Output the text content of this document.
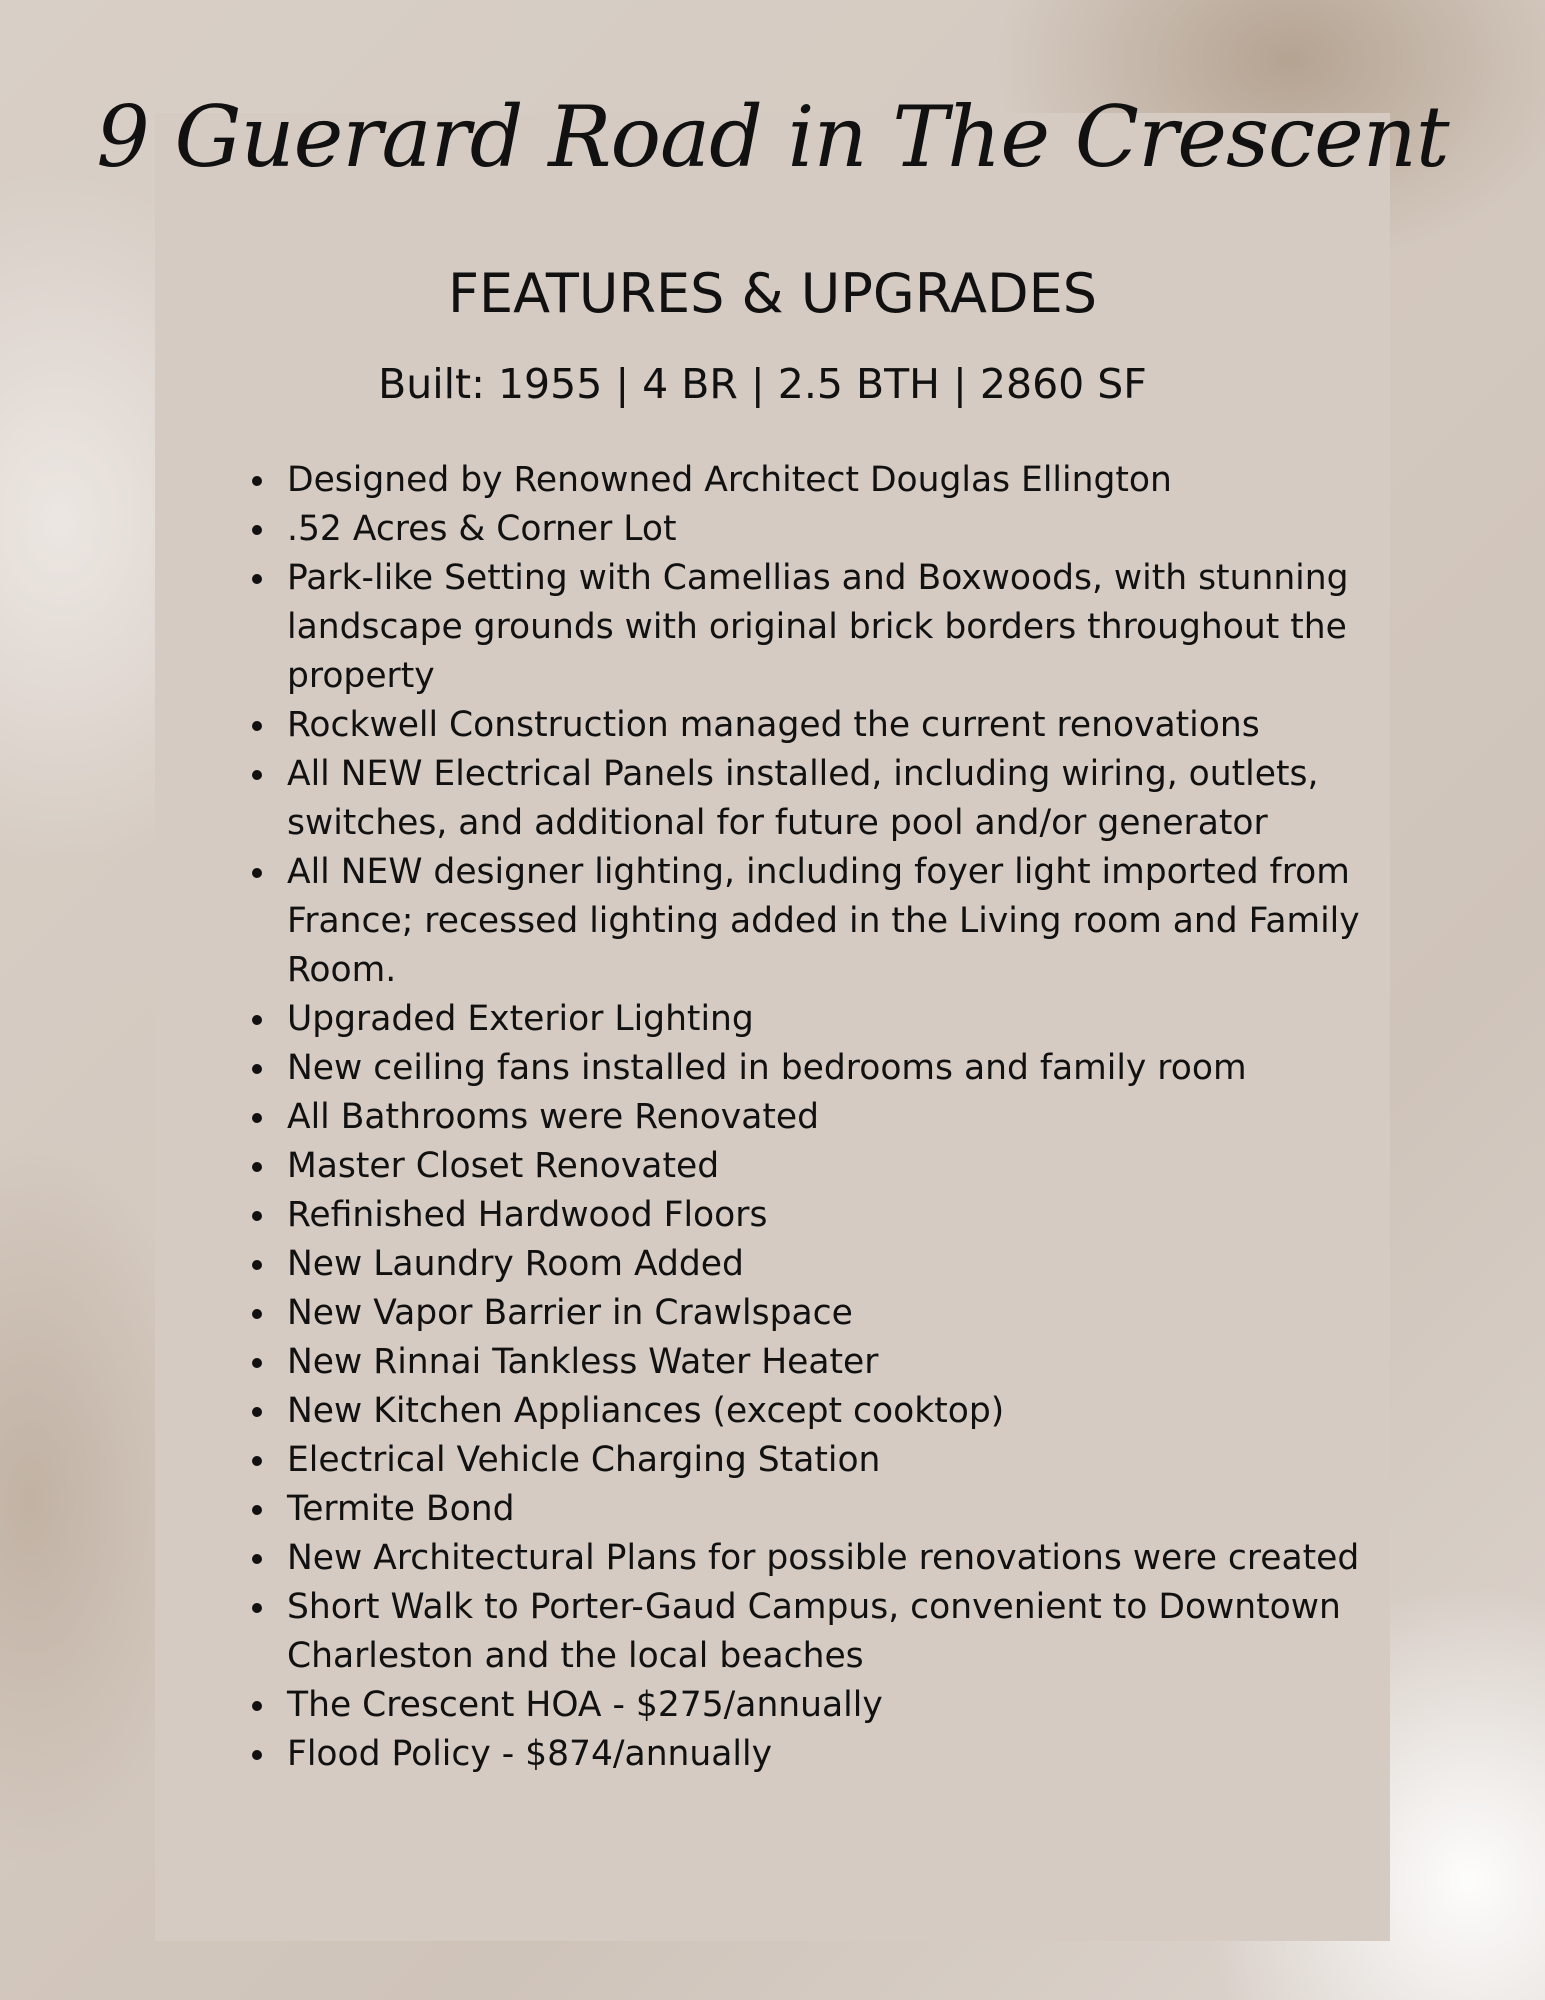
9 Guerard Road in The Crescent
FEATURES & UPGRADES
Built: 1955 | 4 BR | 2.5 BTH | 2860 SF
Designed by Renowned Architect Douglas Ellington
.52 Acres & Corner Lot
Park-like Setting with Camellias and Boxwoods, with stunning landscape grounds with original brick borders throughout the property
Rockwell Construction managed the current renovations
All NEW Electrical Panels installed, including wiring, outlets, switches, and additional for future pool and/or generator
All NEW designer lighting, including foyer light imported from France; recessed lighting added in the Living room and Family Room.
Upgraded Exterior Lighting
New ceiling fans installed in bedrooms and family room
All Bathrooms were Renovated
Master Closet Renovated
Refinished Hardwood Floors
New Laundry Room Added
New Vapor Barrier in Crawlspace
New Rinnai Tankless Water Heater
New Kitchen Appliances (except cooktop)
Electrical Vehicle Charging Station
Termite Bond
New Architectural Plans for possible renovations were created
Short Walk to Porter-Gaud Campus, convenient to Downtown Charleston and the local beaches
The Crescent HOA - $275/annually
Flood Policy - $874/annually
